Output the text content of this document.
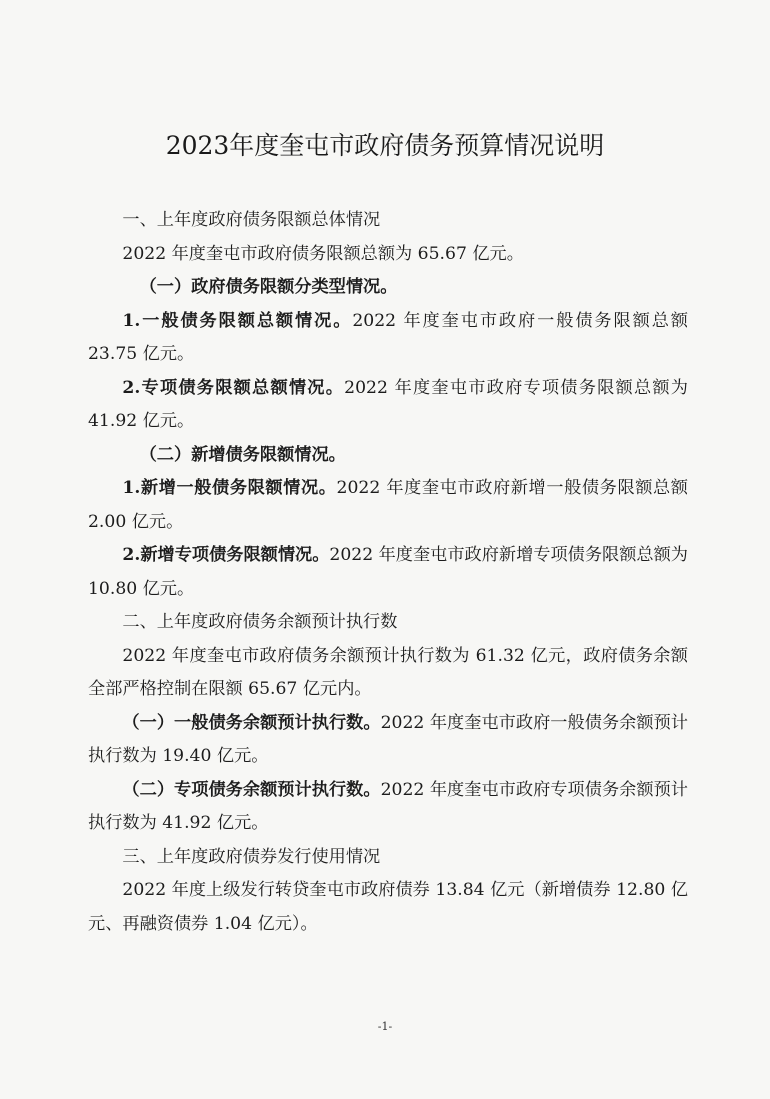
2023年度奎屯市政府债务预算情况说明

一、上年度政府债务限额总体情况

2022 年度奎屯市政府债务限额总额为 65.67 亿元。

（一）政府债务限额分类型情况。

1.一般债务限额总额情况。2022 年度奎屯市政府一般债务限额总额 23.75 亿元。

2.专项债务限额总额情况。2022 年度奎屯市政府专项债务限额总额为 41.92 亿元。

（二）新增债务限额情况。

1.新增一般债务限额情况。2022 年度奎屯市政府新增一般债务限额总额 2.00 亿元。

2.新增专项债务限额情况。2022 年度奎屯市政府新增专项债务限额总额为 10.80 亿元。

二、上年度政府债务余额预计执行数

2022 年度奎屯市政府债务余额预计执行数为 61.32 亿元，政府债务余额全部严格控制在限额 65.67 亿元内。

（一）一般债务余额预计执行数。2022 年度奎屯市政府一般债务余额预计执行数为 19.40 亿元。

（二）专项债务余额预计执行数。2022 年度奎屯市政府专项债务余额预计执行数为 41.92 亿元。

三、上年度政府债券发行使用情况

2022 年度上级发行转贷奎屯市政府债券 13.84 亿元（新增债券 12.80 亿元、再融资债券 1.04 亿元）。

-1-
